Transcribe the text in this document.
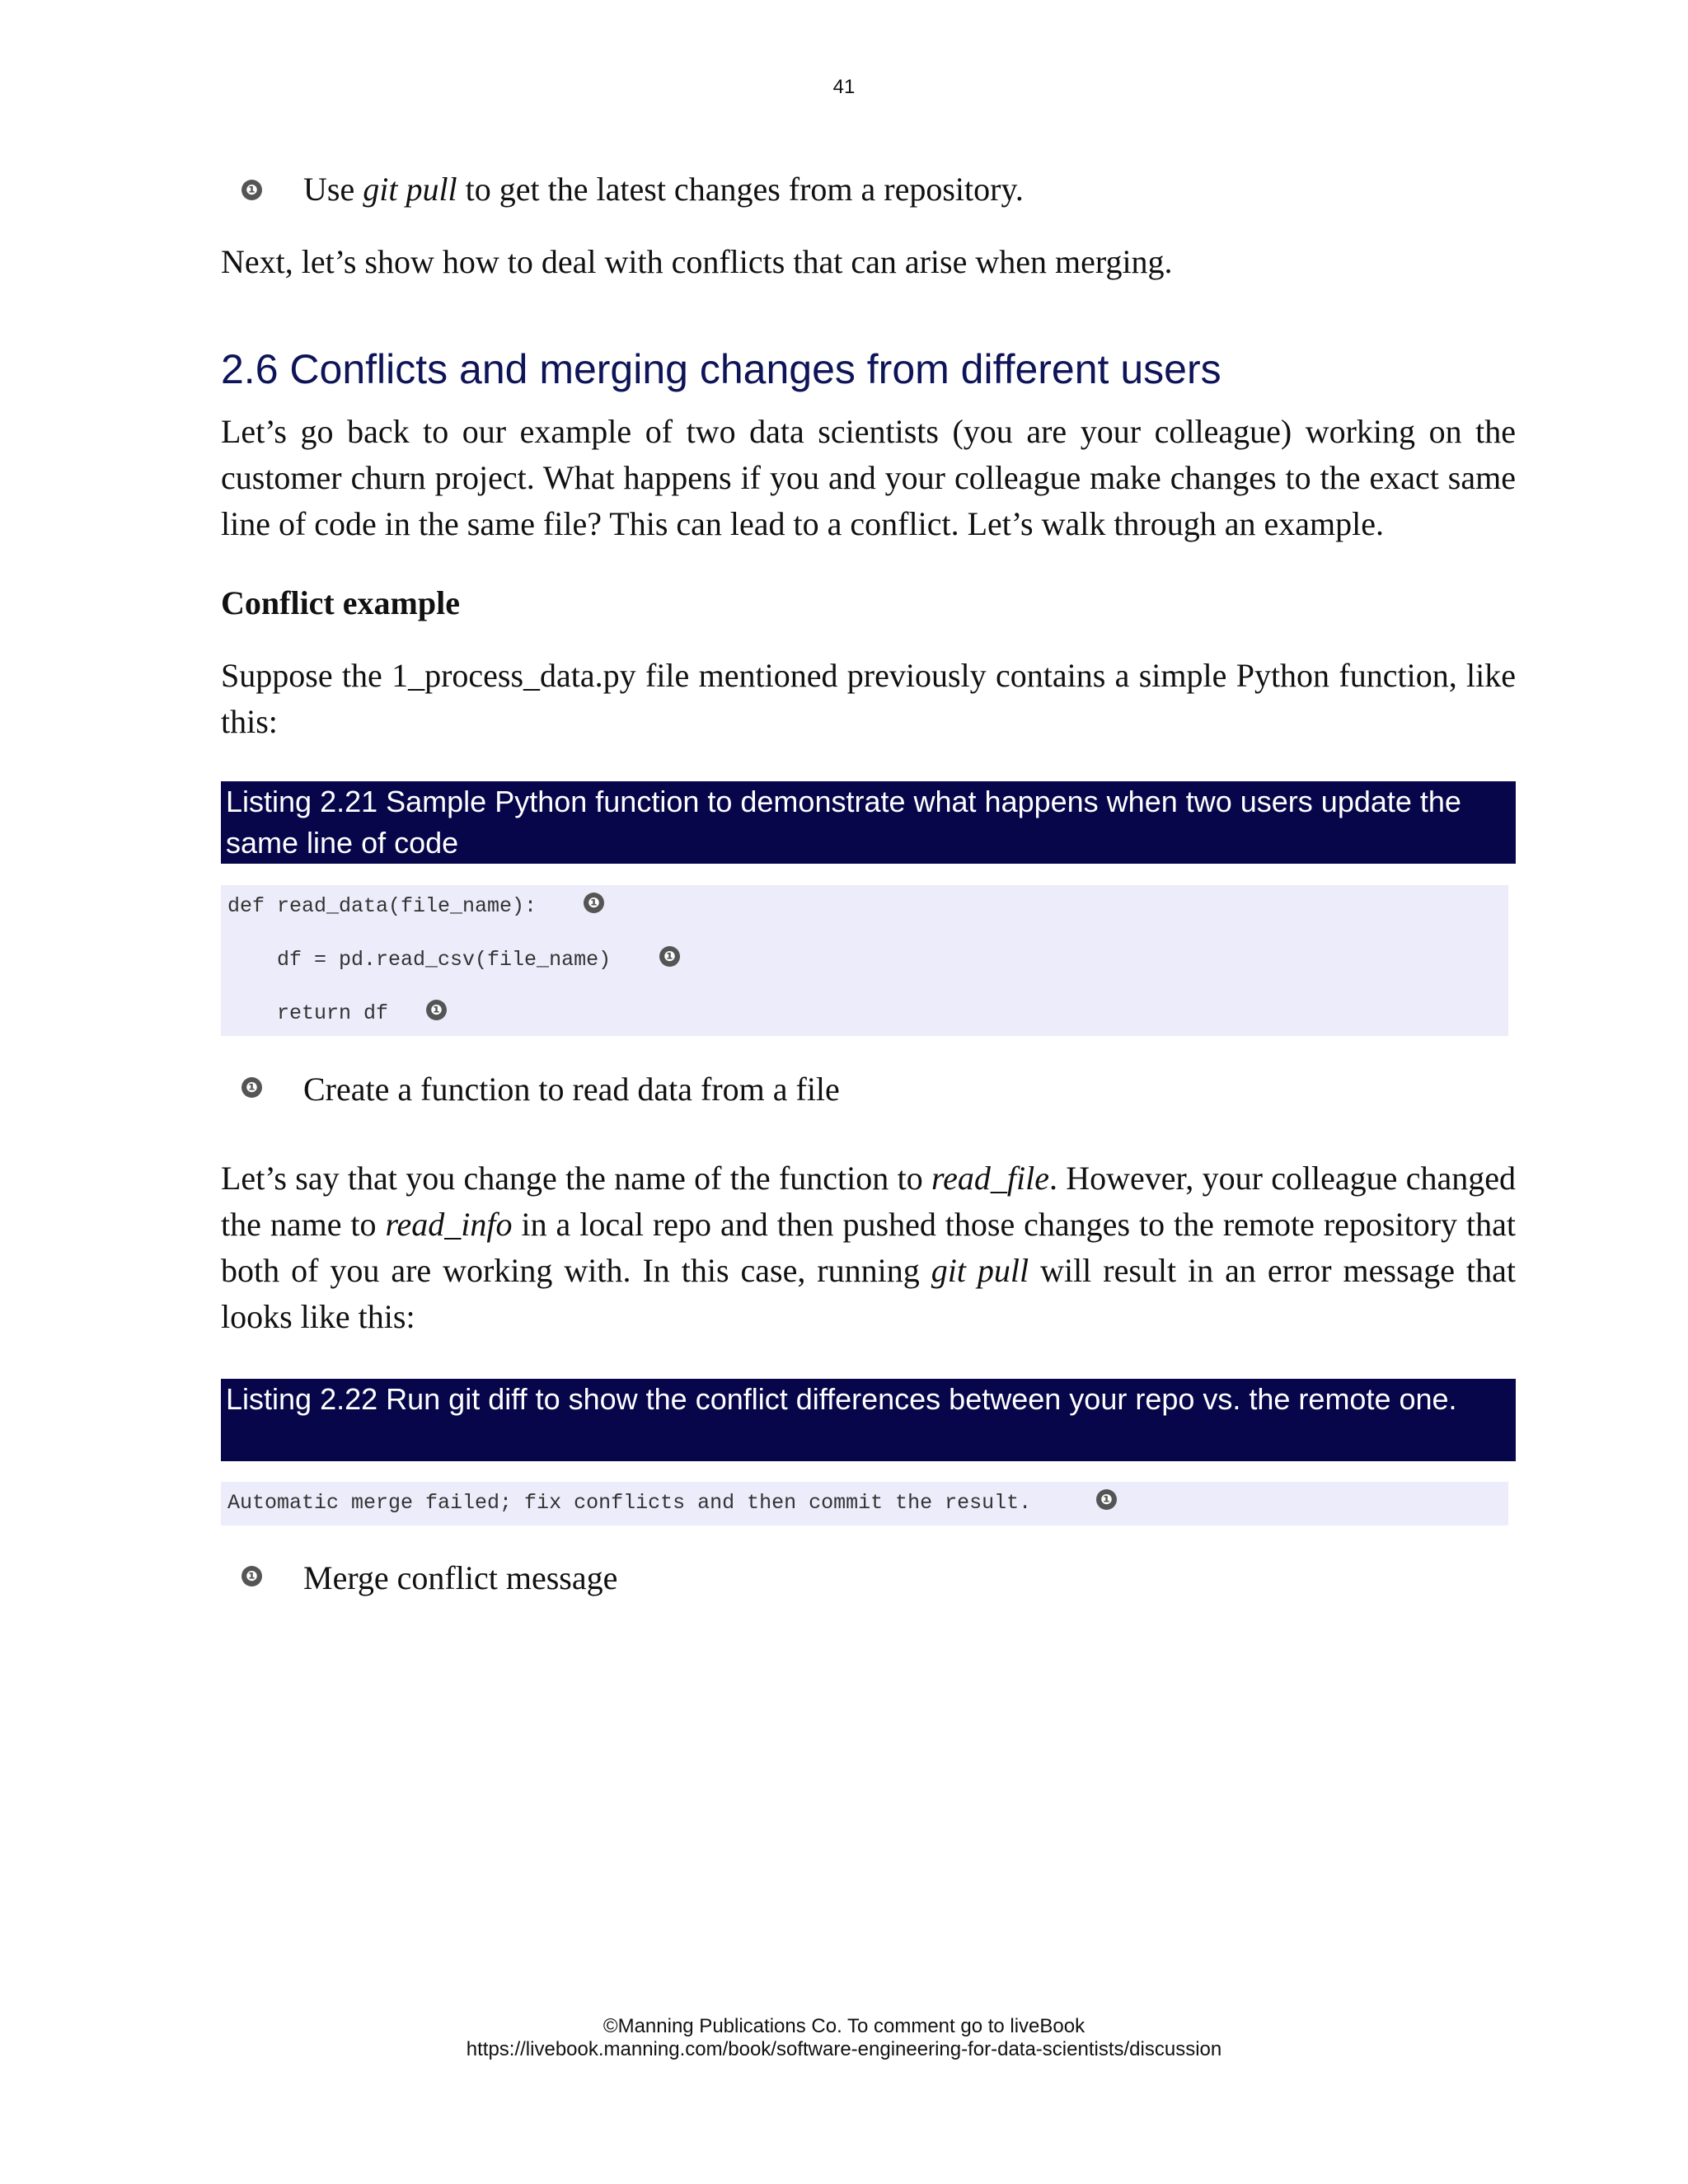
41
❶ Use git pull to get the latest changes from a repository.
Next, let’s show how to deal with conflicts that can arise when merging.
2.6 Conflicts and merging changes from different users
Let’s go back to our example of two data scientists (you are your colleague) working on the customer churn project. What happens if you and your colleague make changes to the exact same line of code in the same file? This can lead to a conflict. Let’s walk through an example.
Conflict example
Suppose the 1_process_data.py file mentioned previously contains a simple Python function, like this:
Listing 2.21 Sample Python function to demonstrate what happens when two users update the same line of code
def read_data(file_name):	❶
df = pd.read_csv(file_name)	❶
return df	❶
❶ Create a function to read data from a file
Let’s say that you change the name of the function to read_file. However, your colleague changed the name to read_info in a local repo and then pushed those changes to the remote repository that both of you are working with. In this case, running git pull will result in an error message that looks like this:
Listing 2.22 Run git diff to show the conflict differences between your repo vs. the remote one.
Automatic merge failed; fix conflicts and then commit the result.	❶
❶ Merge conflict message
©Manning Publications Co. To comment go to liveBook
https://livebook.manning.com/book/software-engineering-for-data-scientists/discussion
